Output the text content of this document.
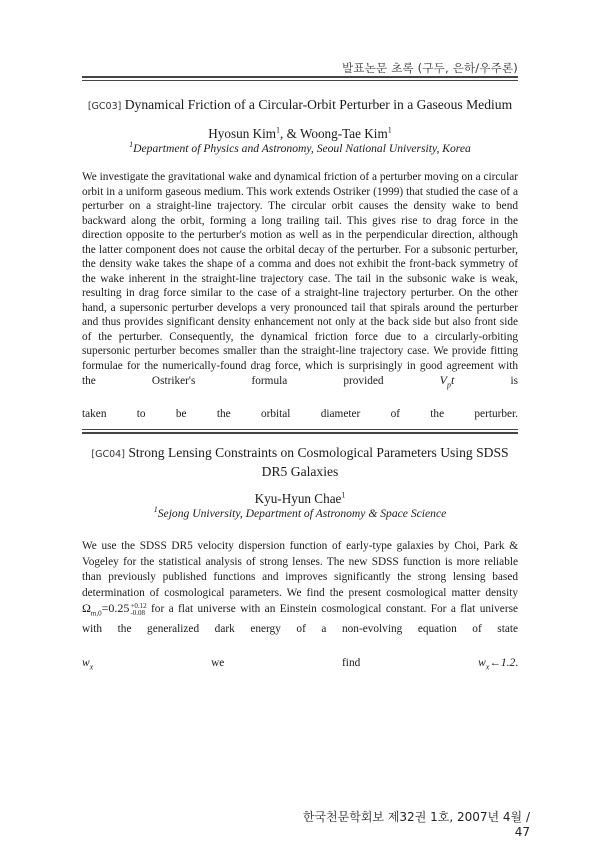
발표논문 초록 (구두, 은하/우주론)

[GC03] Dynamical Friction of a Circular-Orbit Perturber in a Gaseous Medium

Hyosun Kim$^1$, & Woong-Tae Kim$^1$
$^1$Department of Physics and Astronomy, Seoul National University, Korea
We investigate the gravitational wake and dynamical friction of a perturber moving on a circular orbit in a uniform gaseous medium. This work extends Ostriker (1999) that studied the case of a perturber on a straight-line trajectory. The circular orbit causes the density wake to bend backward along the orbit, forming a long trailing tail. This gives rise to drag force in the direction opposite to the perturber's motion as well as in the perpendicular direction, although the latter component does not cause the orbital decay of the perturber. For a subsonic perturber, the density wake takes the shape of a comma and does not exhibit the front-back symmetry of the wake inherent in the straight-line trajectory case. The tail in the subsonic wake is weak, resulting in drag force similar to the case of a straight-line trajectory perturber. On the other hand, a supersonic perturber develops a very pronounced tail that spirals around the perturber and thus provides significant density enhancement not only at the back side but also front side of the perturber. Consequently, the dynamical friction force due to a circularly-orbiting supersonic perturber becomes smaller than the straight-line trajectory case. We provide fitting formulae for the numerically-found drag force, which is surprisingly in good agreement with the Ostriker's formula provided	$V_pt$	is
taken to be the orbital diameter of the perturber.

[GC04] Strong Lensing Constraints on Cosmological Parameters Using SDSS DR5 Galaxies

Kyu-Hyun Chae$^1$
$^1$Sejong University, Department of Astronomy & Space Science
We use the SDSS DR5 velocity dispersion function of early-type galaxies by Choi, Park & Vogeley for the statistical analysis of strong lenses. The new SDSS function is more reliable than previously published functions and improves significantly the strong lensing based determination of cosmological parameters. We find the present cosmological matter density $\Omega_{m,0}=0.25+0.12$
-0.08 for a flat universe with an Einstein cosmological constant. For a flat universe with the generalized dark energy of a non-evolving equation of state
$w_x$	we find	$w_x\leftarrow 1.2$.
한국천문학회보 제32권 1호, 2007년 4월 / 47
